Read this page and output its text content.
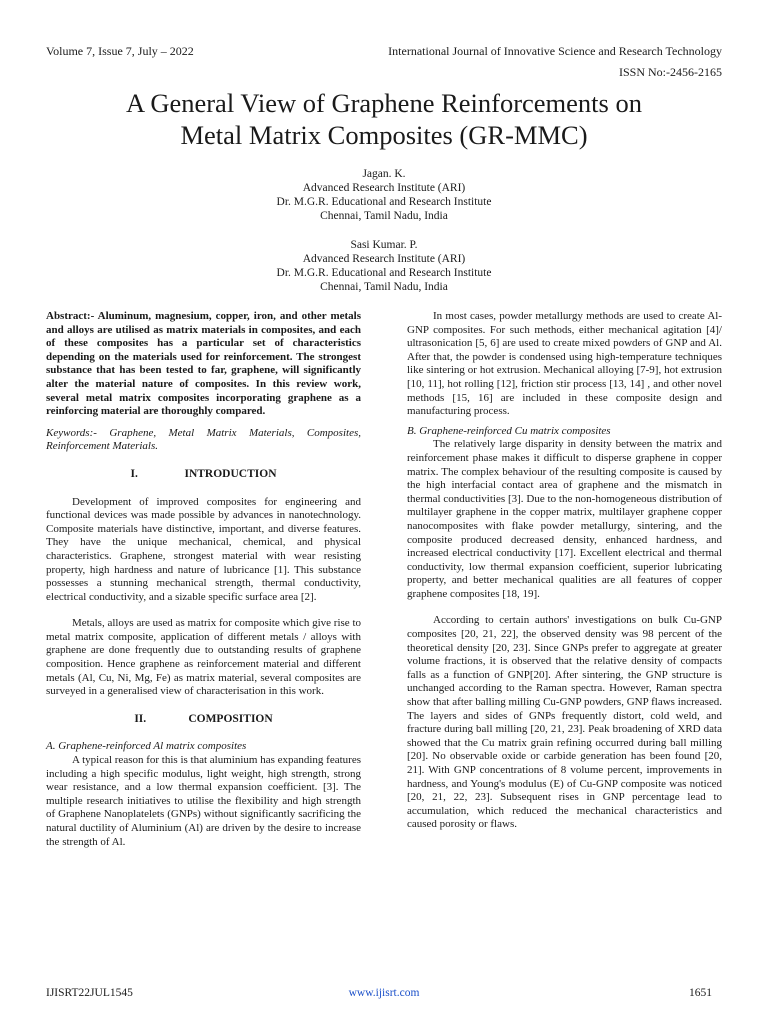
Volume 7, Issue 7, July – 2022	International Journal of Innovative Science and Research Technology
ISSN No:-2456-2165
A General View of Graphene Reinforcements on
Metal Matrix Composites (GR-MMC)
Jagan. K.
Advanced Research Institute (ARI)
Dr. M.G.R. Educational and Research Institute
Chennai, Tamil Nadu, India
Sasi Kumar. P.
Advanced Research Institute (ARI)
Dr. M.G.R. Educational and Research Institute
Chennai, Tamil Nadu, India

Abstract:- Aluminum, magnesium, copper, iron, and other metals and alloys are utilised as matrix materials in composites, and each of these composites has a particular set of characteristics depending on the materials used for reinforcement. The strongest substance that has been tested to far, graphene, will significantly alter the material nature of composites. In this review work, several metal matrix composites incorporating graphene as a reinforcing material are thoroughly compared.

Keywords:- Graphene, Metal Matrix Materials, Composites, Reinforcement Materials.

I.	INTRODUCTION

Development of improved composites for engineering and functional devices was made possible by advances in nanotechnology. Composite materials have distinctive, important, and diverse features. They have the unique mechanical, chemical, and physical characteristics. Graphene, strongest material with wear resisting property, high hardness and nature of lubricance [1]. This substance possesses a stunning mechanical strength, thermal conductivity, electrical conductivity, and a sizable specific surface area [2].

Metals, alloys are used as matrix for composite which give rise to metal matrix composite, application of different metals / alloys with graphene are done frequently due to outstanding results of graphene composition. Hence graphene as reinforcement material and different metals (Al, Cu, Ni, Mg, Fe) as matrix material, several composites are surveyed in a generalised view of characterisation in this work.

II.	COMPOSITION

A. Graphene-reinforced Al matrix composites

A typical reason for this is that aluminium has expanding features including a high specific modulus, light weight, high strength, strong wear resistance, and a low thermal expansion coefficient. [3]. The multiple research initiatives to utilise the flexibility and high strength of Graphene Nanoplatelets (GNPs) without significantly sacrificing the natural ductility of Aluminium (Al) are driven by the desire to increase the strength of Al.

In most cases, powder metallurgy methods are used to create Al-GNP composites. For such methods, either mechanical agitation [4]/ ultrasonication [5, 6] are used to create mixed powders of GNP and Al. After that, the powder is condensed using high-temperature techniques like sintering or hot extrusion. Mechanical alloying [7-9], hot extrusion [10, 11], hot rolling [12], friction stir process [13, 14] , and other novel methods [15, 16] are included in these composite design and manufacturing process.

B. Graphene-reinforced Cu matrix composites

The relatively large disparity in density between the matrix and reinforcement phase makes it difficult to disperse graphene in copper matrix. The complex behaviour of the resulting composite is caused by the high interfacial contact area of graphene and the mismatch in thermal conductivities [3]. Due to the non-homogeneous distribution of multilayer graphene in the copper matrix, multilayer graphene copper nanocomposites with flake powder metallurgy, sintering, and the composite produced decreased density, enhanced hardness, and increased electrical conductivity [17]. Excellent electrical and thermal conductivity, low thermal expansion coefficient, superior lubricating property, and better mechanical qualities are all features of copper graphene composites [18, 19].

According to certain authors' investigations on bulk Cu-GNP composites [20, 21, 22], the observed density was 98 percent of the theoretical density [20, 23]. Since GNPs prefer to aggregate at greater volume fractions, it is observed that the relative density of compacts falls as a function of GNP[20]. After sintering, the GNP structure is unchanged according to the Raman spectra. However, Raman spectra show that after balling milling Cu-GNP powders, GNP flaws increased. The layers and sides of GNPs frequently distort, cold weld, and fracture during ball milling [20, 21, 23]. Peak broadening of XRD data showed that the Cu matrix grain refining occurred during ball milling [20]. No observable oxide or carbide generation has been found [20, 21]. With GNP concentrations of 8 volume percent, improvements in hardness, and Young's modulus (E) of Cu-GNP composite was noticed [20, 21, 22, 23]. Subsequent rises in GNP percentage lead to accumulation, which reduced the mechanical characteristics and caused porosity or flaws.

IJISRT22JUL1545	www.ijisrt.com	1651
